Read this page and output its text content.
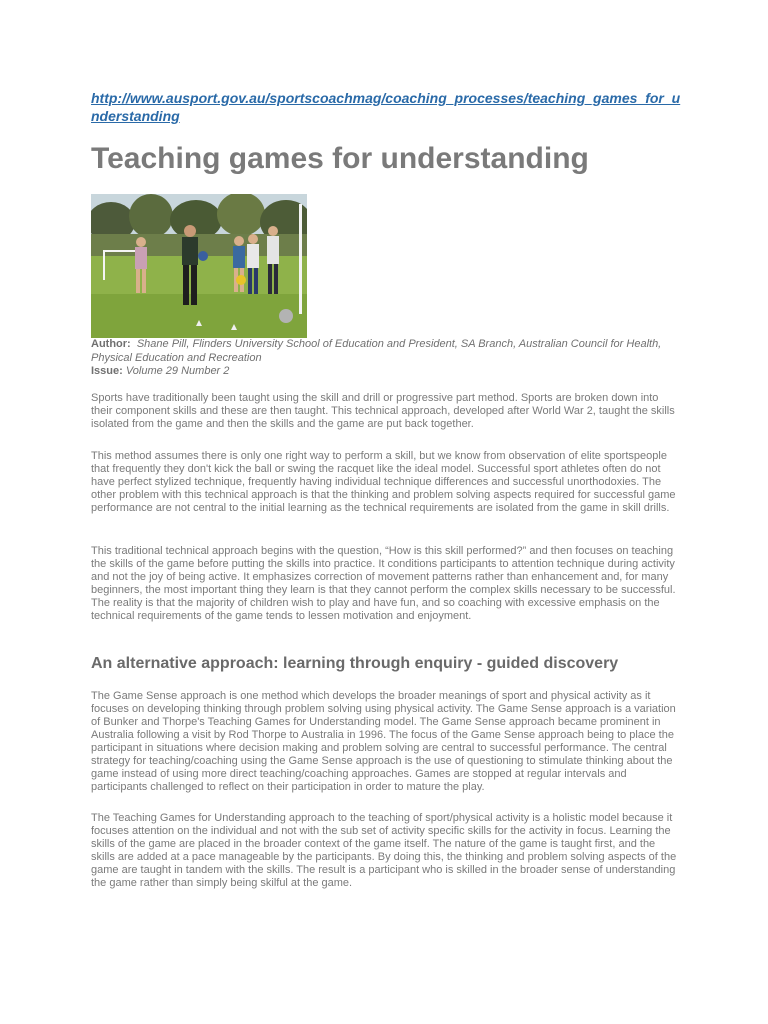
http://www.ausport.gov.au/sportscoachmag/coaching_processes/teaching_games_for_understanding
Teaching games for understanding
Author: Shane Pill, Flinders University School of Education and President, SA Branch, Australian Council for Health, Physical Education and Recreation
Issue: Volume 29 Number 2

Sports have traditionally been taught using the skill and drill or progressive part method. Sports are broken down into their component skills and these are then taught. This technical approach, developed after World War 2, taught the skills isolated from the game and then the skills and the game are put back together.

This method assumes there is only one right way to perform a skill, but we know from observation of elite sportspeople that frequently they don't kick the ball or swing the racquet like the ideal model. Successful sport athletes often do not have perfect stylized technique, frequently having individual technique differences and successful unorthodoxies. The other problem with this technical approach is that the thinking and problem solving aspects required for successful game performance are not central to the initial learning as the technical requirements are isolated from the game in skill drills.

This traditional technical approach begins with the question, “How is this skill performed?” and then focuses on teaching the skills of the game before putting the skills into practice. It conditions participants to attention technique during activity and not the joy of being active. It emphasizes correction of movement patterns rather than enhancement and, for many beginners, the most important thing they learn is that they cannot perform the complex skills necessary to be successful. The reality is that the majority of children wish to play and have fun, and so coaching with excessive emphasis on the technical requirements of the game tends to lessen motivation and enjoyment.

An alternative approach: learning through enquiry - guided discovery

The Game Sense approach is one method which develops the broader meanings of sport and physical activity as it focuses on developing thinking through problem solving using physical activity. The Game Sense approach is a variation of Bunker and Thorpe's Teaching Games for Understanding model. The Game Sense approach became prominent in Australia following a visit by Rod Thorpe to Australia in 1996. The focus of the Game Sense approach being to place the participant in situations where decision making and problem solving are central to successful performance. The central strategy for teaching/coaching using the Game Sense approach is the use of questioning to stimulate thinking about the game instead of using more direct teaching/coaching approaches. Games are stopped at regular intervals and participants challenged to reflect on their participation in order to mature the play.

The Teaching Games for Understanding approach to the teaching of sport/physical activity is a holistic model because it focuses attention on the individual and not with the sub set of activity specific skills for the activity in focus. Learning the skills of the game are placed in the broader context of the game itself. The nature of the game is taught first, and the skills are added at a pace manageable by the participants. By doing this, the thinking and problem solving aspects of the game are taught in tandem with the skills. The result is a participant who is skilled in the broader sense of understanding the game rather than simply being skilful at the game.
